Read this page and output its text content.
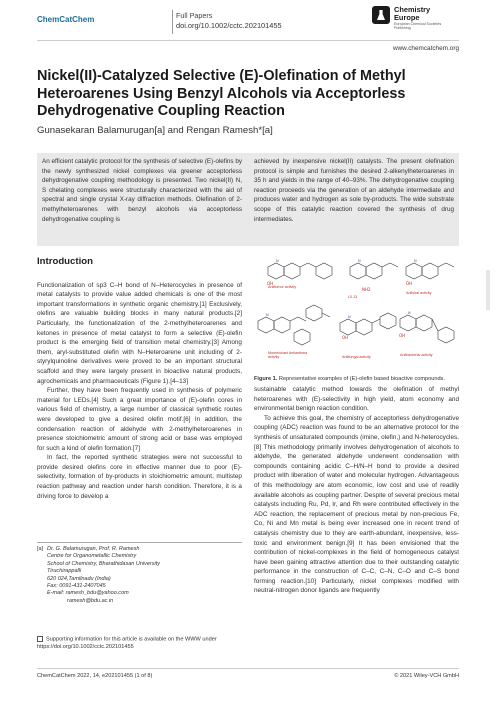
ChemCatChem	Full Papers
doi.org/10.1002/cctc.202101455
Chemistry
Europe
European Chemical Societies Publishing
www.chemcatchem.org
Nickel(II)-Catalyzed Selective (E)-Olefination of Methyl Heteroarenes Using Benzyl Alcohols via Acceptorless Dehydrogenative Coupling Reaction
Gunasekaran Balamurugan[a] and Rengan Ramesh*[a]

An efficient catalytic protocol for the synthesis of selective (E)-olefins by the newly synthesized nickel complexes via greener acceptorless dehydrogenative coupling methodology is presented. Two nickel(II) N, S chelating complexes were structurally characterized with the aid of spectral and single crystal X-ray diffraction methods. Olefination of 2-methylheteroarenes with benzyl alcohols via acceptorless dehydrogenative coupling is

achieved by inexpensive nickel(II) catalysts. The present olefination protocol is simple and furnishes the desired 2-alkenylheteroarenes in 35 h and yields in the range of 40–93%. The dehydrogenative coupling reaction proceeds via the generation of an aldehyde intermediate and produces water and hydrogen as sole by-products. The wide substrate scope of this catalytic reaction covered the synthesis of drug intermediates.

Introduction

Functionalization of sp3 C–H bond of N–Heterocycles in presence of metal catalysts to provide value added chemicals is one of the most important transformations in synthetic organic chemistry.[1] Exclusively, olefins are valuable building blocks in many natural products.[2] Particularly, the functionalization of the 2-methylheteroarenes and ketones in presence of metal catalyst to form a selective (E)-olefin product is the emerging field of transition metal chemistry.[3] Among them, aryl-substituted olefin with N–Heteroarene unit including of 2-styrylquinoline derivatives were proved to be an important structural scaffold and they were largely present in bioactive natural products, agrochemicals and pharmaceuticals (Figure 1).[4–13]

Further, they have been frequently used in synthesis of polymeric material for LEDs.[4] Such a great importance of (E)-olefin cores in various field of chemistry, a large number of classical synthetic routes were developed to give a desired olefin motif.[6] In addition, the condensation reaction of aldehyde with 2-methylheteroarenes in presence stoichiometric amount of strong acid or base was employed for such a kind of olefin formation.[7]

In fact, the reported synthetic strategies were not successful to provide desired olefins core in effective manner due to poor (E)-selectivity, formation of by-products in stoichiometric amount, multistep reaction pathway and reaction under harsh condition. Therefore, it is a driving force to develop a

OH
NH2
OH
OH
OH
N	N	N
N	N
N
Antitumor activity
L0.13
Antiviral activity
Montelukast Antiasthma activity	Antifungal activity	Antibacterial activity
Figure 1. Representative examples of (E)-olefin based bioactive compounds.

sustainable catalytic method towards the olefination of methyl heteroarenes with (E)-selectivity in high yield, atom economy and environmental benign reaction condition.

To achieve this goal, the chemistry of acceptorless dehydrogenative coupling (ADC) reaction was found to be an alternative protocol for the synthesis of unsaturated compounds (imine, olefin,) and N-heterocycles.[8] This methodology primarily involves dehydrogenation of alcohols to aldehyde, the generated aldehyde underwent condensation with compounds containing acidic C–H/N–H bond to provide a desired product with liberation of water and molecular hydrogen. Advantageous of this methodology are atom economic, low cost and use of readily available alcohols as coupling partner. Despite of several precious metal catalysts including Ru, Pd, Ir, and Rh were contributed effectively in the ADC reaction, the replacement of precious metal by non-precious Fe, Co, Ni and Mn metal is being ever increased one in recent trend of catalysis chemistry due to they are earth-abundant, inexpensive, less-toxic and environment benign.[9] It has been envisioned that the contribution of nickel-complexes in the field of homogeneous catalyst have been gaining attractive attention due to their outstanding catalytic performance in the construction of C–C, C–N, C–O and C–S bond forming reaction.[10] Particularly, nickel complexes modified with neutral-nitrogen donor ligands are frequently

[a] Dr. G. Balamurugan, Prof. R. Ramesh
Centre for Organometallic Chemistry
School of Chemistry, Bharathidasan University
Tiruchirappalli
620 024,Tamilnadu (India)
Fax: 0091-431-2407045
E-mail: ramesh_bdu@yahoo.com
ramesh@bdu.ac.in
Supporting information for this article is available on the WWW under https://doi.org/10.1002/cctc.202101455
ChemCatChem 2022, 14, e202101455 (1 of 8)	© 2021 Wiley-VCH GmbH
